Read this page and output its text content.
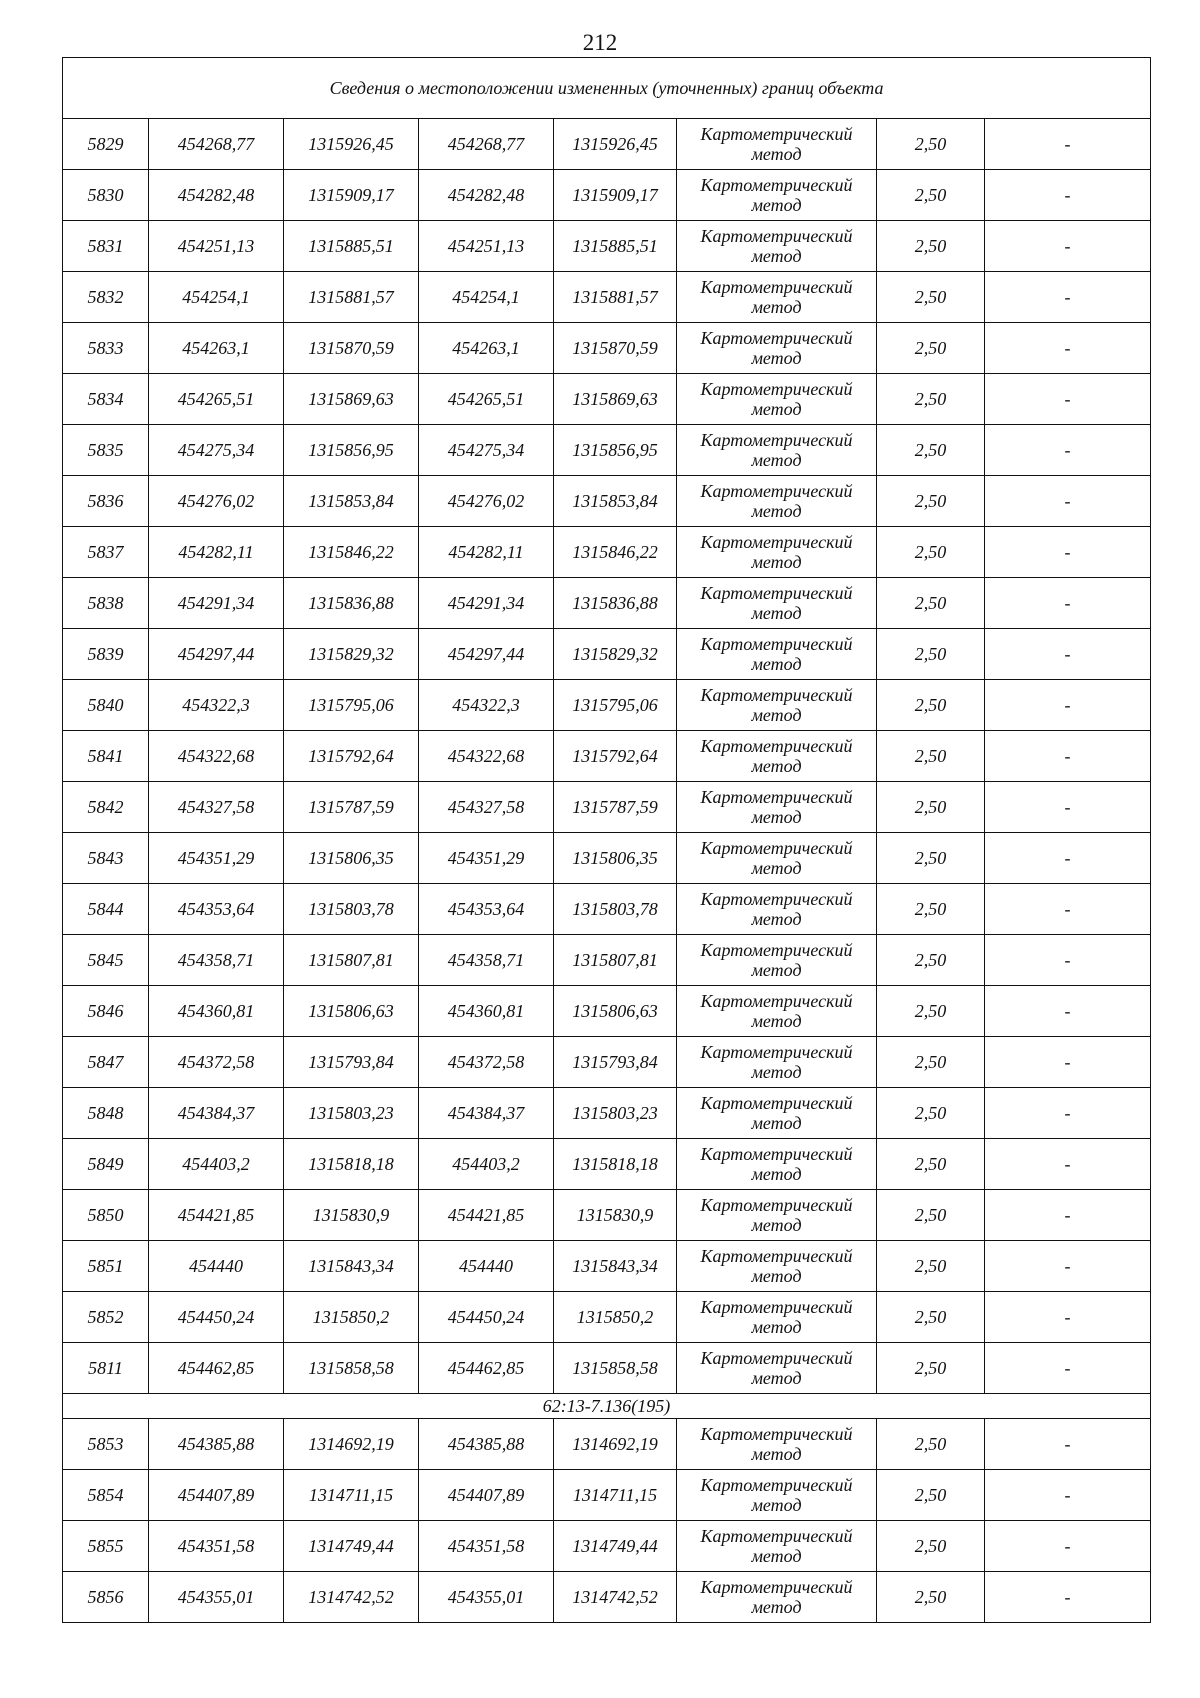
212
Сведения о местоположении измененных (уточненных) границ объекта							
5829	454268,77	1315926,45	454268,77	1315926,45	Картометрический
метод	2,50	-
5830	454282,48	1315909,17	454282,48	1315909,17	Картометрический
метод	2,50	-
5831	454251,13	1315885,51	454251,13	1315885,51	Картометрический
метод	2,50	-
5832	454254,1	1315881,57	454254,1	1315881,57	Картометрический
метод	2,50	-
5833	454263,1	1315870,59	454263,1	1315870,59	Картометрический
метод	2,50	-
5834	454265,51	1315869,63	454265,51	1315869,63	Картометрический
метод	2,50	-
5835	454275,34	1315856,95	454275,34	1315856,95	Картометрический
метод	2,50	-
5836	454276,02	1315853,84	454276,02	1315853,84	Картометрический
метод	2,50	-
5837	454282,11	1315846,22	454282,11	1315846,22	Картометрический
метод	2,50	-
5838	454291,34	1315836,88	454291,34	1315836,88	Картометрический
метод	2,50	-
5839	454297,44	1315829,32	454297,44	1315829,32	Картометрический
метод	2,50	-
5840	454322,3	1315795,06	454322,3	1315795,06	Картометрический
метод	2,50	-
5841	454322,68	1315792,64	454322,68	1315792,64	Картометрический
метод	2,50	-
5842	454327,58	1315787,59	454327,58	1315787,59	Картометрический
метод	2,50	-
5843	454351,29	1315806,35	454351,29	1315806,35	Картометрический
метод	2,50	-
5844	454353,64	1315803,78	454353,64	1315803,78	Картометрический
метод	2,50	-
5845	454358,71	1315807,81	454358,71	1315807,81	Картометрический
метод	2,50	-
5846	454360,81	1315806,63	454360,81	1315806,63	Картометрический
метод	2,50	-
5847	454372,58	1315793,84	454372,58	1315793,84	Картометрический
метод	2,50	-
5848	454384,37	1315803,23	454384,37	1315803,23	Картометрический
метод	2,50	-
5849	454403,2	1315818,18	454403,2	1315818,18	Картометрический
метод	2,50	-
5850	454421,85	1315830,9	454421,85	1315830,9	Картометрический
метод	2,50	-
5851	454440	1315843,34	454440	1315843,34	Картометрический
метод	2,50	-
5852	454450,24	1315850,2	454450,24	1315850,2	Картометрический
метод	2,50	-
5811	454462,85	1315858,58	454462,85	1315858,58	Картометрический
метод	2,50	-
62:13-7.136(195)							
5853	454385,88	1314692,19	454385,88	1314692,19	Картометрический
метод	2,50	-
5854	454407,89	1314711,15	454407,89	1314711,15	Картометрический
метод	2,50	-
5855	454351,58	1314749,44	454351,58	1314749,44	Картометрический
метод	2,50	-
5856	454355,01	1314742,52	454355,01	1314742,52	Картометрический
метод	2,50	-
